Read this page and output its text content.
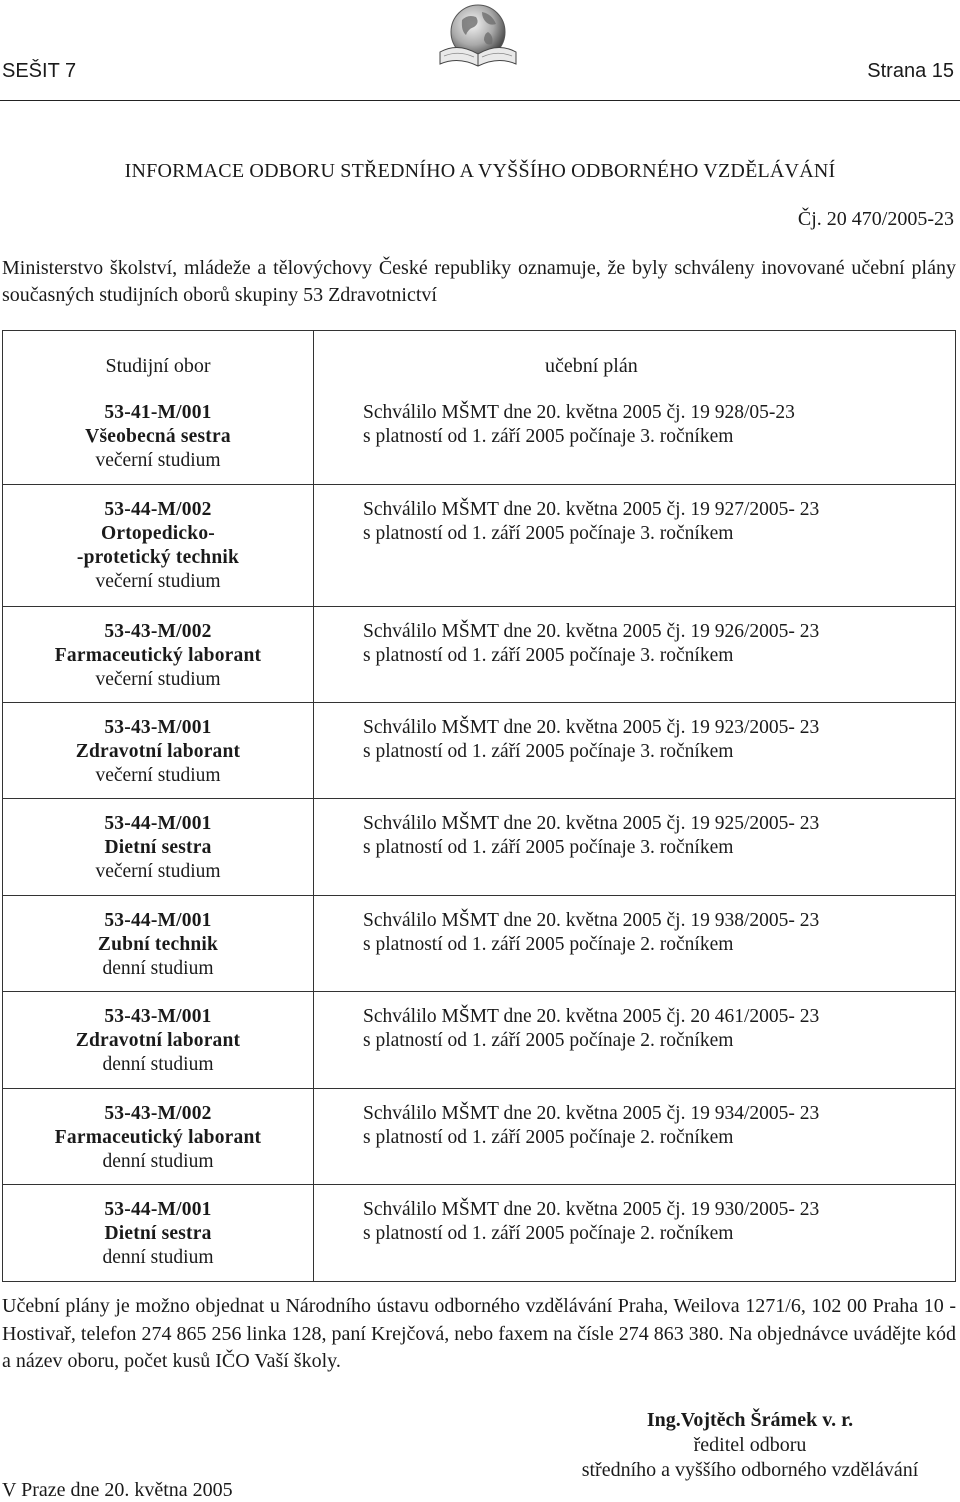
SEŠIT 7	Strana 15
INFORMACE ODBORU STŘEDNÍHO A VYŠŠÍHO ODBORNÉHO VZDĚLÁVÁNÍ
Čj. 20 470/2005-23
Ministerstvo školství, mládeže a tělovýchovy České republiky oznamuje, že byly schváleny inovované učební plány současných studijních oborů skupiny 53 Zdravotnictví
Studijní obor	učební plán
53-41-M/001
Všeobecná sestra
večerní studium
Schválilo MŠMT dne 20. května 2005 čj. 19 928/05-23
s platností od 1. září 2005 počínaje 3. ročníkem
53-44-M/002
Ortopedicko-
-protetický technik
večerní studium
Schválilo MŠMT dne 20. května 2005 čj. 19 927/2005- 23
s platností od 1. září 2005 počínaje 3. ročníkem
53-43-M/002
Farmaceutický laborant
večerní studium
Schválilo MŠMT dne 20. května 2005 čj. 19 926/2005- 23
s platností od 1. září 2005 počínaje 3. ročníkem
53-43-M/001
Zdravotní laborant
večerní studium
Schválilo MŠMT dne 20. května 2005 čj. 19 923/2005- 23
s platností od 1. září 2005 počínaje 3. ročníkem
53-44-M/001
Dietní sestra
večerní studium
Schválilo MŠMT dne 20. května 2005 čj. 19 925/2005- 23
s platností od 1. září 2005 počínaje 3. ročníkem
53-44-M/001
Zubní technik
denní studium
Schválilo MŠMT dne 20. května 2005 čj. 19 938/2005- 23
s platností od 1. září 2005 počínaje 2. ročníkem
53-43-M/001
Zdravotní laborant
denní studium
Schválilo MŠMT dne 20. května 2005 čj. 20 461/2005- 23
s platností od 1. září 2005 počínaje 2. ročníkem
53-43-M/002
Farmaceutický laborant
denní studium
Schválilo MŠMT dne 20. května 2005 čj. 19 934/2005- 23
s platností od 1. září 2005 počínaje 2. ročníkem
53-44-M/001
Dietní sestra
denní studium
Schválilo MŠMT dne 20. května 2005 čj. 19 930/2005- 23
s platností od 1. září 2005 počínaje 2. ročníkem
Učební plány je možno objednat u Národního ústavu odborného vzdělávání Praha, Weilova 1271/6, 102 00 Praha 10 - Hostivař, telefon 274 865 256 linka 128, paní Krejčová, nebo faxem na čísle 274 863 380. Na objednávce uvádějte kód a název oboru, počet kusů IČO Vaší školy.
Ing.Vojtěch Šrámek v. r.
ředitel odboru
středního a vyššího odborného vzdělávání
V Praze dne 20. května 2005
